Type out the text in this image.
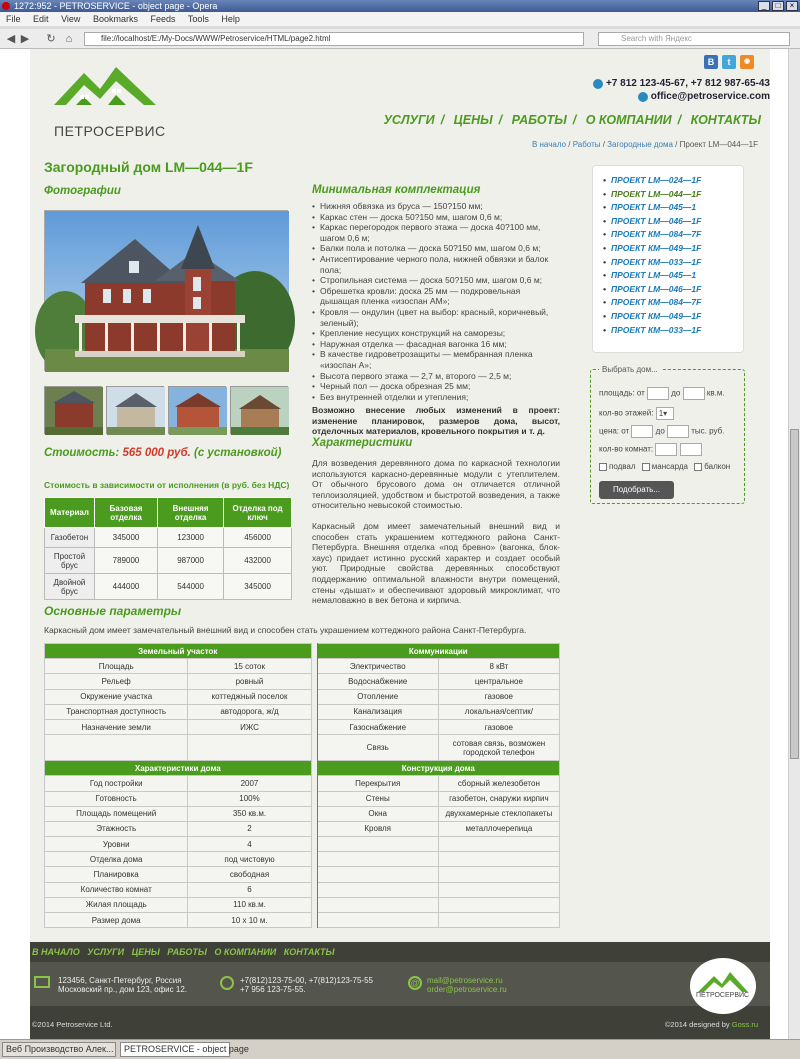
1272:952 - PETROSERVICE - object page - Opera	_	□	×
File Edit View Bookmarks Feeds Tools Help
◀ ▶ ↻ ⌂	file://localhost/E:/My-Docs/WWW/Petroservice/HTML/page2.html	Search with Яндекс
ПЕТРОСЕРВИС
B	t	◉
+7 812 123-45-67, +7 812 987-65-43
office@petroservice.com
УСЛУГИ / ЦЕНЫ / РАБОТЫ / О КОМПАНИИ / КОНТАКТЫ
В начало / Работы / Загородные дома / Проект LM—044—1F
Загородный дом LM—044—1F
Фотографии
Стоимость: 565 000 руб. (с установкой)
Стоимость в зависимости от исполнения (в руб. без НДС)
Материал	Базовая отделка	Внешняя отделка	Отделка под ключ
Газобетон	345000	123000	456000
Простой брус	789000	987000	432000
Двойной брус	444000	544000	345000
Минимальная комплектация
• Нижняя обвязка из бруса — 150?150 мм;
• Каркас стен — доска 50?150 мм, шагом 0,6 м;
• Каркас перегородок первого этажа — доска 40?100 мм, шагом 0,6 м;
• Балки пола и потолка — доска 50?150 мм, шагом 0,6 м;
• Антисептирование черного пола, нижней обвязки и балок пола;
• Стропильная система — доска 50?150 мм, шагом 0,6 м;
• Обрешетка кровли: доска 25 мм — подкровельная дышащая пленка «изоспан АМ»;
• Кровля — ондулин (цвет на выбор: красный, коричневый, зеленый);
• Крепление несущих конструкций на саморезы;
• Наружная отделка — фасадная вагонка 16 мм;
• В качестве гидроветрозащиты — мембранная пленка «изоспан А»;
• Высота первого этажа — 2,7 м, второго — 2,5 м;
• Черный пол — доска обрезная 25 мм;
• Без внутренней отделки и утепления;
Возможно внесение любых изменений в проект: изменение планировок, размеров дома, высот, отделочных материалов, кровельного покрытия и т. д.
Характеристики

Для возведения деревянного дома по каркасной технологии используются каркасно-деревянные модули с утеплителем. От обычного брусового дома он отличается отличной теплоизоляцией, удобством и быстротой возведения, а также относительно невысокой стоимостью.

Каркасный дом имеет замечательный внешний вид и способен стать украшением коттеджного района Санкт-Петербурга. Внешняя отделка «под бревно» (вагонка, блок-хаус) придает истинно русский характер и создает особый уют. Природные свойства деревянных способствуют поддержанию оптимальной влажности внутри помещений, стены «дышат» и обеспечивают здоровый микроклимат, что немаловажно в век бетона и кирпича.

• ПРОЕКТ LM—024—1F
• ПРОЕКТ LM—044—1F
• ПРОЕКТ LM—045—1
• ПРОЕКТ LM—046—1F
• ПРОЕКТ КМ—084—7F
• ПРОЕКТ КМ—049—1F
• ПРОЕКТ КМ—033—1F
• ПРОЕКТ LM—045—1
• ПРОЕКТ LM—046—1F
• ПРОЕКТ КМ—084—7F
• ПРОЕКТ КМ—049—1F
• ПРОЕКТ КМ—033—1F
Выбрать дом...
площадь: от	до	кв.м.
кол-во этажей: 1▾
цена: от	до	тыс. руб.
кол-во комнат:
подвал мансарда балкон
Подобрать...
Основные параметры
Каркасный дом имеет замечательный внешний вид и способен стать украшением коттеджного района Санкт-Петербурга.
Земельный участок			Коммуникации	
Площадь	15 соток		Электричество	8 кВт
Рельеф	ровный		Водоснабжение	центральное
Окружение участка	коттеджный поселок		Отопление	газовое
Транспортная доступность	автодорога, ж/д		Канализация	локальная/септик/
Назначение земли	ИЖС		Газоснабжение	газовое
			Связь	сотовая связь, возможен городской телефон
Характеристики дома			Конструкция дома	
Год постройки	2007		Перекрытия	сборный железобетон
Готовность	100%		Стены	газобетон, снаружи кирпич
Площадь помещений	350 кв.м.		Окна	двухкамерные стеклопакеты
Этажность	2		Кровля	металлочерепица
Уровни	4			
Отделка дома	под чистовую			
Планировка	свободная			
Количество комнат	6			
Жилая площадь	110 кв.м.			
Размер дома	10 х 10 м.			
В НАЧАЛО УСЛУГИ ЦЕНЫ РАБОТЫ О КОМПАНИИ КОНТАКТЫ
123456, Санкт-Петербург, Россия
Московский пр., дом 123, офис 12.
+7(812)123-75-00, +7(812)123-75-55
+7 956 123-75-55.
@ mail@petroservice.ru
order@petroservice.ru
ПЕТРОСЕРВИС
©2014 Petroservice Ltd.	©2014 designed by Goss.ru
Веб Производство Алек...	PETROSERVICE - object page
